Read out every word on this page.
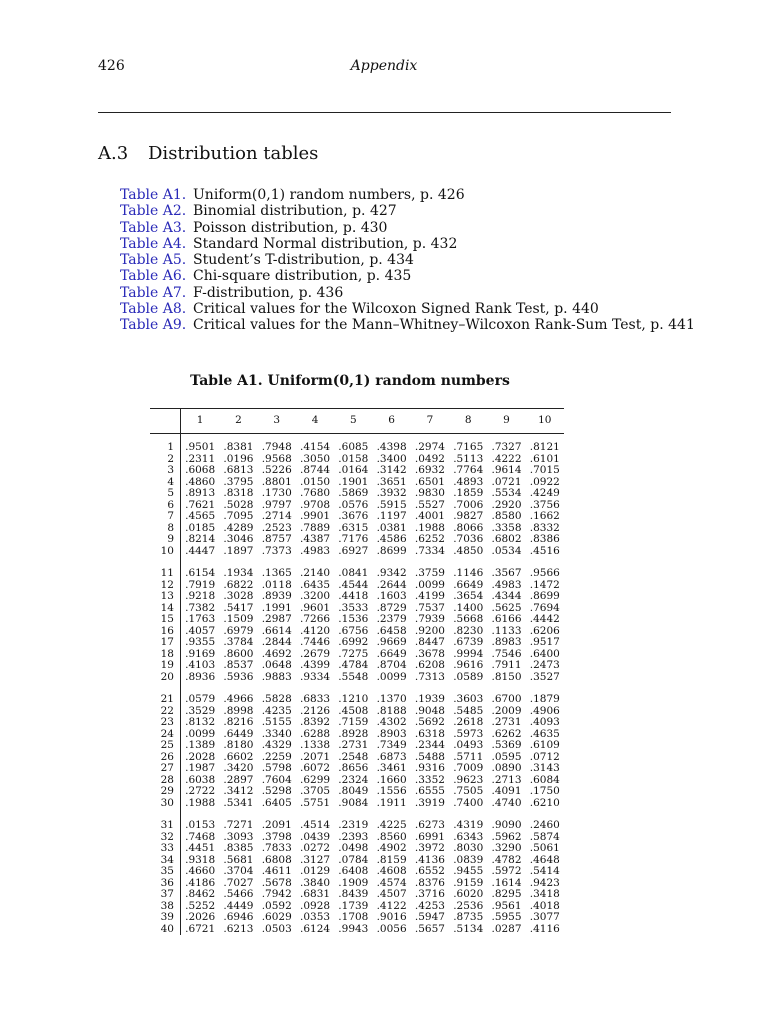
426	Appendix
A.3 Distribution tables
Table A1. Uniform(0,1) random numbers, p. 426
Table A2. Binomial distribution, p. 427
Table A3. Poisson distribution, p. 430
Table A4. Standard Normal distribution, p. 432
Table A5. Student’s T-distribution, p. 434
Table A6. Chi-square distribution, p. 435
Table A7. F-distribution, p. 436
Table A8. Critical values for the Wilcoxon Signed Rank Test, p. 440
Table A9. Critical values for the Mann–Whitney–Wilcoxon Rank-Sum Test, p. 441
Table A1. Uniform(0,1) random numbers
	1	2	3	4	5	6	7	8	9	10

1	.9501	.8381	.7948	.4154	.6085	.4398	.2974	.7165	.7327	.8121
2	.2311	.0196	.9568	.3050	.0158	.3400	.0492	.5113	.4222	.6101
3	.6068	.6813	.5226	.8744	.0164	.3142	.6932	.7764	.9614	.7015
4	.4860	.3795	.8801	.0150	.1901	.3651	.6501	.4893	.0721	.0922
5	.8913	.8318	.1730	.7680	.5869	.3932	.9830	.1859	.5534	.4249
6	.7621	.5028	.9797	.9708	.0576	.5915	.5527	.7006	.2920	.3756
7	.4565	.7095	.2714	.9901	.3676	.1197	.4001	.9827	.8580	.1662
8	.0185	.4289	.2523	.7889	.6315	.0381	.1988	.8066	.3358	.8332
9	.8214	.3046	.8757	.4387	.7176	.4586	.6252	.7036	.6802	.8386
10	.4447	.1897	.7373	.4983	.6927	.8699	.7334	.4850	.0534	.4516

11	.6154	.1934	.1365	.2140	.0841	.9342	.3759	.1146	.3567	.9566
12	.7919	.6822	.0118	.6435	.4544	.2644	.0099	.6649	.4983	.1472
13	.9218	.3028	.8939	.3200	.4418	.1603	.4199	.3654	.4344	.8699
14	.7382	.5417	.1991	.9601	.3533	.8729	.7537	.1400	.5625	.7694
15	.1763	.1509	.2987	.7266	.1536	.2379	.7939	.5668	.6166	.4442
16	.4057	.6979	.6614	.4120	.6756	.6458	.9200	.8230	.1133	.6206
17	.9355	.3784	.2844	.7446	.6992	.9669	.8447	.6739	.8983	.9517
18	.9169	.8600	.4692	.2679	.7275	.6649	.3678	.9994	.7546	.6400
19	.4103	.8537	.0648	.4399	.4784	.8704	.6208	.9616	.7911	.2473
20	.8936	.5936	.9883	.9334	.5548	.0099	.7313	.0589	.8150	.3527

21	.0579	.4966	.5828	.6833	.1210	.1370	.1939	.3603	.6700	.1879
22	.3529	.8998	.4235	.2126	.4508	.8188	.9048	.5485	.2009	.4906
23	.8132	.8216	.5155	.8392	.7159	.4302	.5692	.2618	.2731	.4093
24	.0099	.6449	.3340	.6288	.8928	.8903	.6318	.5973	.6262	.4635
25	.1389	.8180	.4329	.1338	.2731	.7349	.2344	.0493	.5369	.6109
26	.2028	.6602	.2259	.2071	.2548	.6873	.5488	.5711	.0595	.0712
27	.1987	.3420	.5798	.6072	.8656	.3461	.9316	.7009	.0890	.3143
28	.6038	.2897	.7604	.6299	.2324	.1660	.3352	.9623	.2713	.6084
29	.2722	.3412	.5298	.3705	.8049	.1556	.6555	.7505	.4091	.1750
30	.1988	.5341	.6405	.5751	.9084	.1911	.3919	.7400	.4740	.6210

31	.0153	.7271	.2091	.4514	.2319	.4225	.6273	.4319	.9090	.2460
32	.7468	.3093	.3798	.0439	.2393	.8560	.6991	.6343	.5962	.5874
33	.4451	.8385	.7833	.0272	.0498	.4902	.3972	.8030	.3290	.5061
34	.9318	.5681	.6808	.3127	.0784	.8159	.4136	.0839	.4782	.4648
35	.4660	.3704	.4611	.0129	.6408	.4608	.6552	.9455	.5972	.5414
36	.4186	.7027	.5678	.3840	.1909	.4574	.8376	.9159	.1614	.9423
37	.8462	.5466	.7942	.6831	.8439	.4507	.3716	.6020	.8295	.3418
38	.5252	.4449	.0592	.0928	.1739	.4122	.4253	.2536	.9561	.4018
39	.2026	.6946	.6029	.0353	.1708	.9016	.5947	.8735	.5955	.3077
40	.6721	.6213	.0503	.6124	.9943	.0056	.5657	.5134	.0287	.4116
